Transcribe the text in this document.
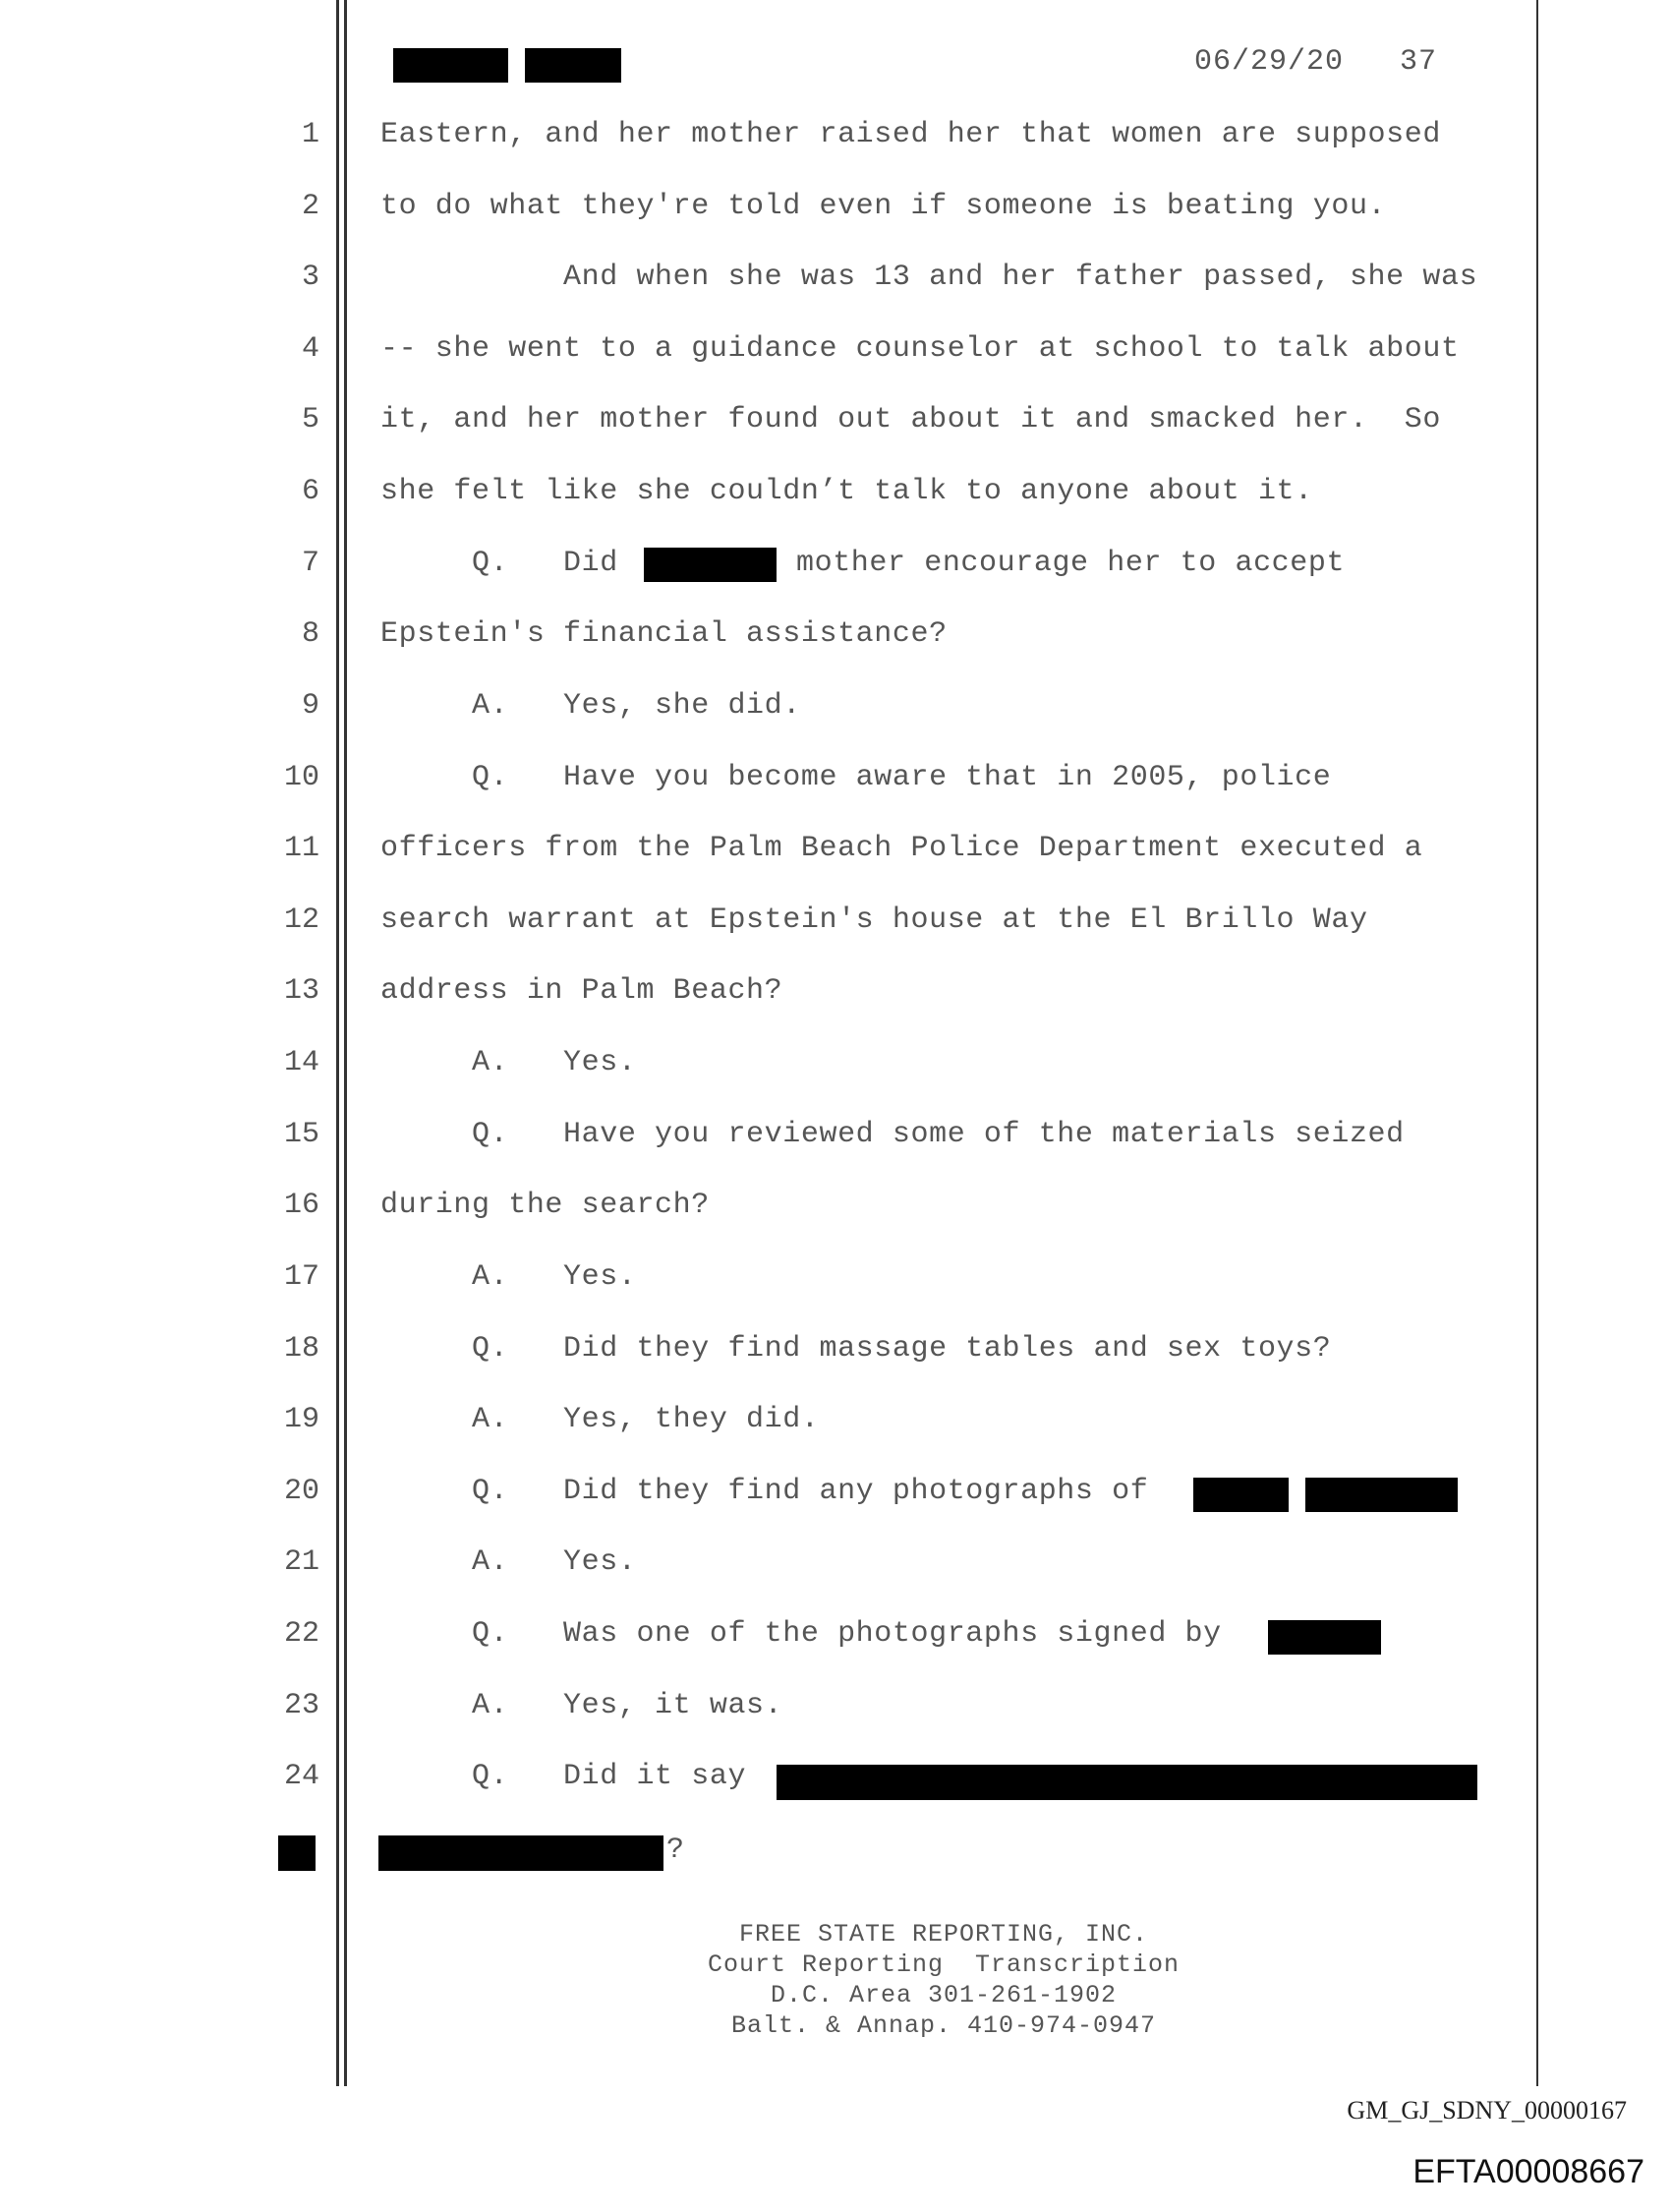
06/29/20 37
1
2
3
4
5
6
7
8
9
10
11
12
13
14
15
16
17
18
19
20
21
22
23
24
Eastern, and her mother raised her that women are supposed
to do what they're told even if someone is beating you.
And when she was 13 and her father passed, she was
-- she went to a guidance counselor at school to talk about
it, and her mother found out about it and smacked her.  So
she felt like she couldn’t talk to anyone about it.
Q.   Did	mother encourage her to accept
Epstein's financial assistance?
A.   Yes, she did.
Q.   Have you become aware that in 2005, police
officers from the Palm Beach Police Department executed a
search warrant at Epstein's house at the El Brillo Way
address in Palm Beach?
A.   Yes.
Q.   Have you reviewed some of the materials seized
during the search?
A.   Yes.
Q.   Did they find massage tables and sex toys?
A.   Yes, they did.
Q.   Did they find any photographs of
A.   Yes.
Q.   Was one of the photographs signed by
A.   Yes, it was.
Q.   Did it say
?
FREE STATE REPORTING, INC.
Court Reporting  Transcription
D.C. Area 301-261-1902
Balt. & Annap. 410-974-0947
GM_GJ_SDNY_00000167
EFTA00008667
